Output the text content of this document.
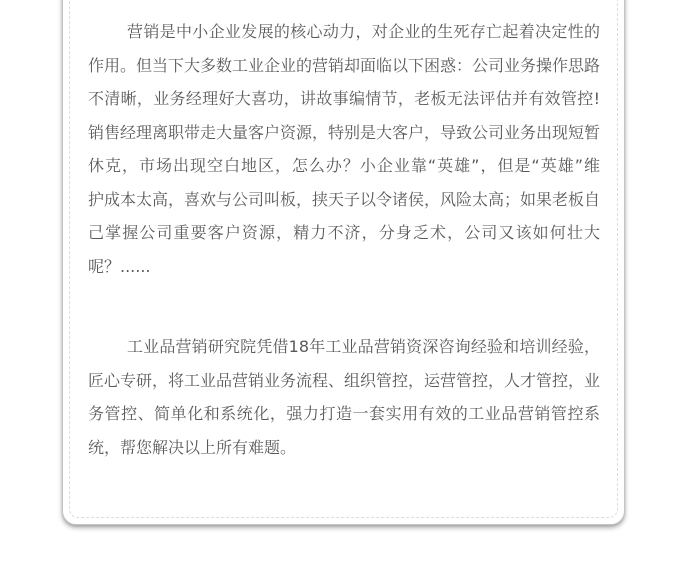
营销是中小企业发展的核心动力，对企业的生死存亡起着决定性的
作用。但当下大多数工业企业的营销却面临以下困惑：公司业务操作思路
不清晰，业务经理好大喜功，讲故事编情节，老板无法评估并有效管控!
销售经理离职带走大量客户资源，特别是大客户，导致公司业务出现短暂
休克，市场出现空白地区，怎么办？小企业靠“英雄”，但是“英雄”维
护成本太高，喜欢与公司叫板，挟天子以令诸侯，风险太高；如果老板自
己掌握公司重要客户资源，精力不济，分身乏术，公司又该如何壮大
呢？......
工业品营销研究院凭借18年工业品营销资深咨询经验和培训经验，
匠心专研，将工业品营销业务流程、组织管控，运营管控，人才管控，业
务管控、简单化和系统化，强力打造一套实用有效的工业品营销管控系
统，帮您解决以上所有难题。
